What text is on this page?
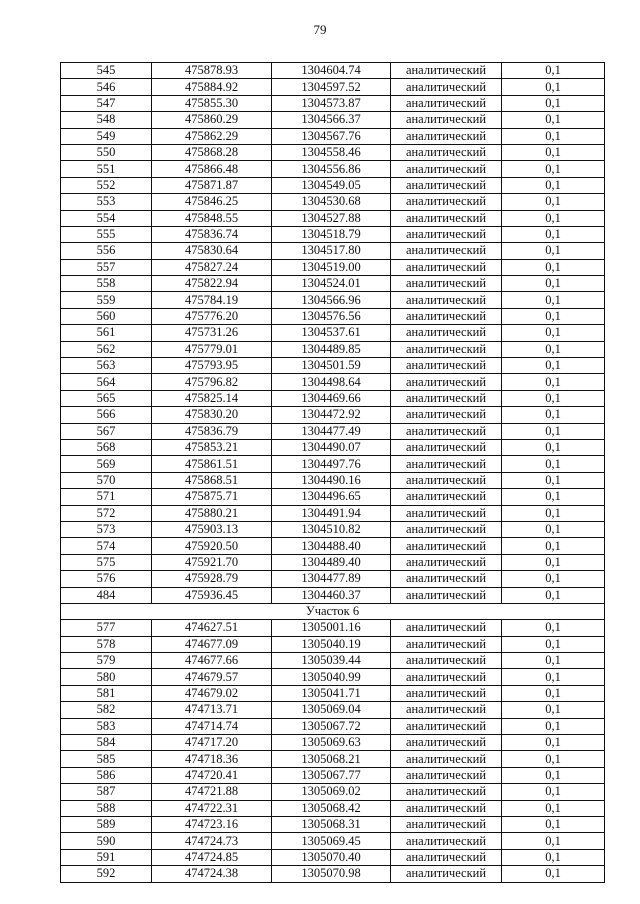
79
545	475878.93	1304604.74	аналитический	0,1
546	475884.92	1304597.52	аналитический	0,1
547	475855.30	1304573.87	аналитический	0,1
548	475860.29	1304566.37	аналитический	0,1
549	475862.29	1304567.76	аналитический	0,1
550	475868.28	1304558.46	аналитический	0,1
551	475866.48	1304556.86	аналитический	0,1
552	475871.87	1304549.05	аналитический	0,1
553	475846.25	1304530.68	аналитический	0,1
554	475848.55	1304527.88	аналитический	0,1
555	475836.74	1304518.79	аналитический	0,1
556	475830.64	1304517.80	аналитический	0,1
557	475827.24	1304519.00	аналитический	0,1
558	475822.94	1304524.01	аналитический	0,1
559	475784.19	1304566.96	аналитический	0,1
560	475776.20	1304576.56	аналитический	0,1
561	475731.26	1304537.61	аналитический	0,1
562	475779.01	1304489.85	аналитический	0,1
563	475793.95	1304501.59	аналитический	0,1
564	475796.82	1304498.64	аналитический	0,1
565	475825.14	1304469.66	аналитический	0,1
566	475830.20	1304472.92	аналитический	0,1
567	475836.79	1304477.49	аналитический	0,1
568	475853.21	1304490.07	аналитический	0,1
569	475861.51	1304497.76	аналитический	0,1
570	475868.51	1304490.16	аналитический	0,1
571	475875.71	1304496.65	аналитический	0,1
572	475880.21	1304491.94	аналитический	0,1
573	475903.13	1304510.82	аналитический	0,1
574	475920.50	1304488.40	аналитический	0,1
575	475921.70	1304489.40	аналитический	0,1
576	475928.79	1304477.89	аналитический	0,1
484	475936.45	1304460.37	аналитический	0,1
Участок 6				
577	474627.51	1305001.16	аналитический	0,1
578	474677.09	1305040.19	аналитический	0,1
579	474677.66	1305039.44	аналитический	0,1
580	474679.57	1305040.99	аналитический	0,1
581	474679.02	1305041.71	аналитический	0,1
582	474713.71	1305069.04	аналитический	0,1
583	474714.74	1305067.72	аналитический	0,1
584	474717.20	1305069.63	аналитический	0,1
585	474718.36	1305068.21	аналитический	0,1
586	474720.41	1305067.77	аналитический	0,1
587	474721.88	1305069.02	аналитический	0,1
588	474722.31	1305068.42	аналитический	0,1
589	474723.16	1305068.31	аналитический	0,1
590	474724.73	1305069.45	аналитический	0,1
591	474724.85	1305070.40	аналитический	0,1
592	474724.38	1305070.98	аналитический	0,1
